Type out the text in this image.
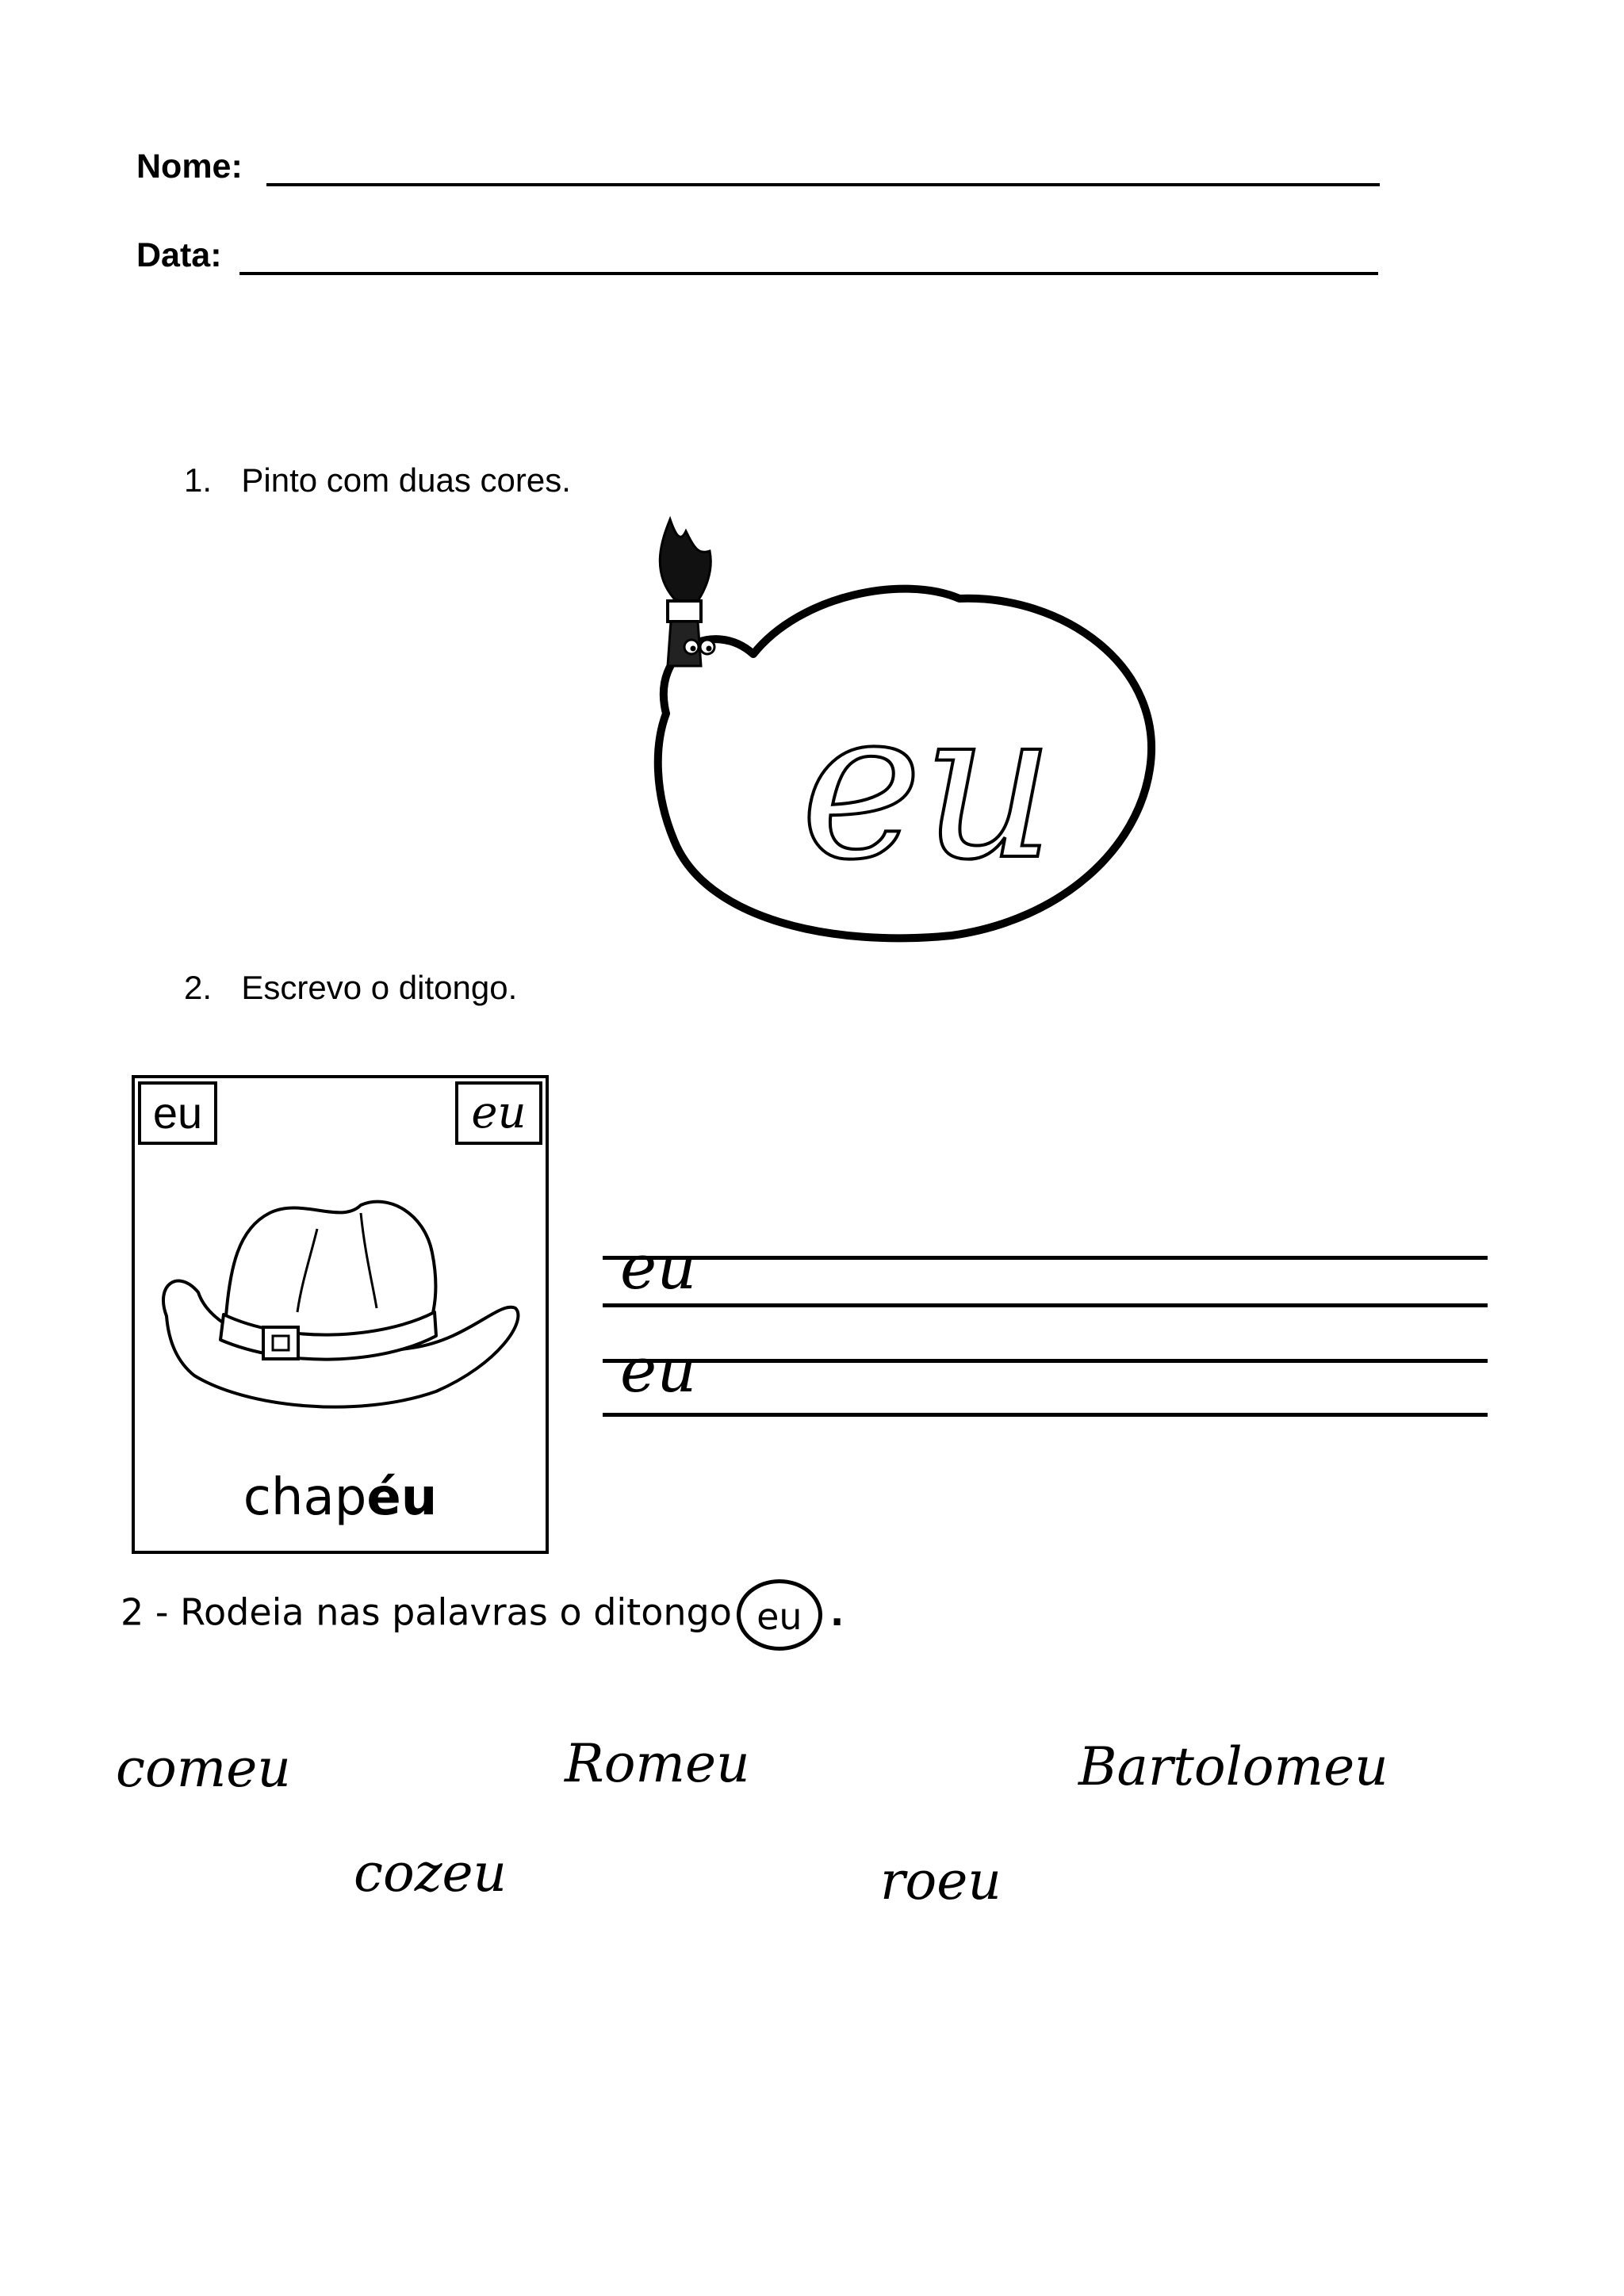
Nome:
Data:
1. Pinto com duas cores.
eu
2. Escrevo o ditongo.
eu	eu
chapéu
eu
eu
2 - Rodeia nas palavras o ditongo eu .
comeu	Romeu	Bartolomeu
cozeu	roeu
